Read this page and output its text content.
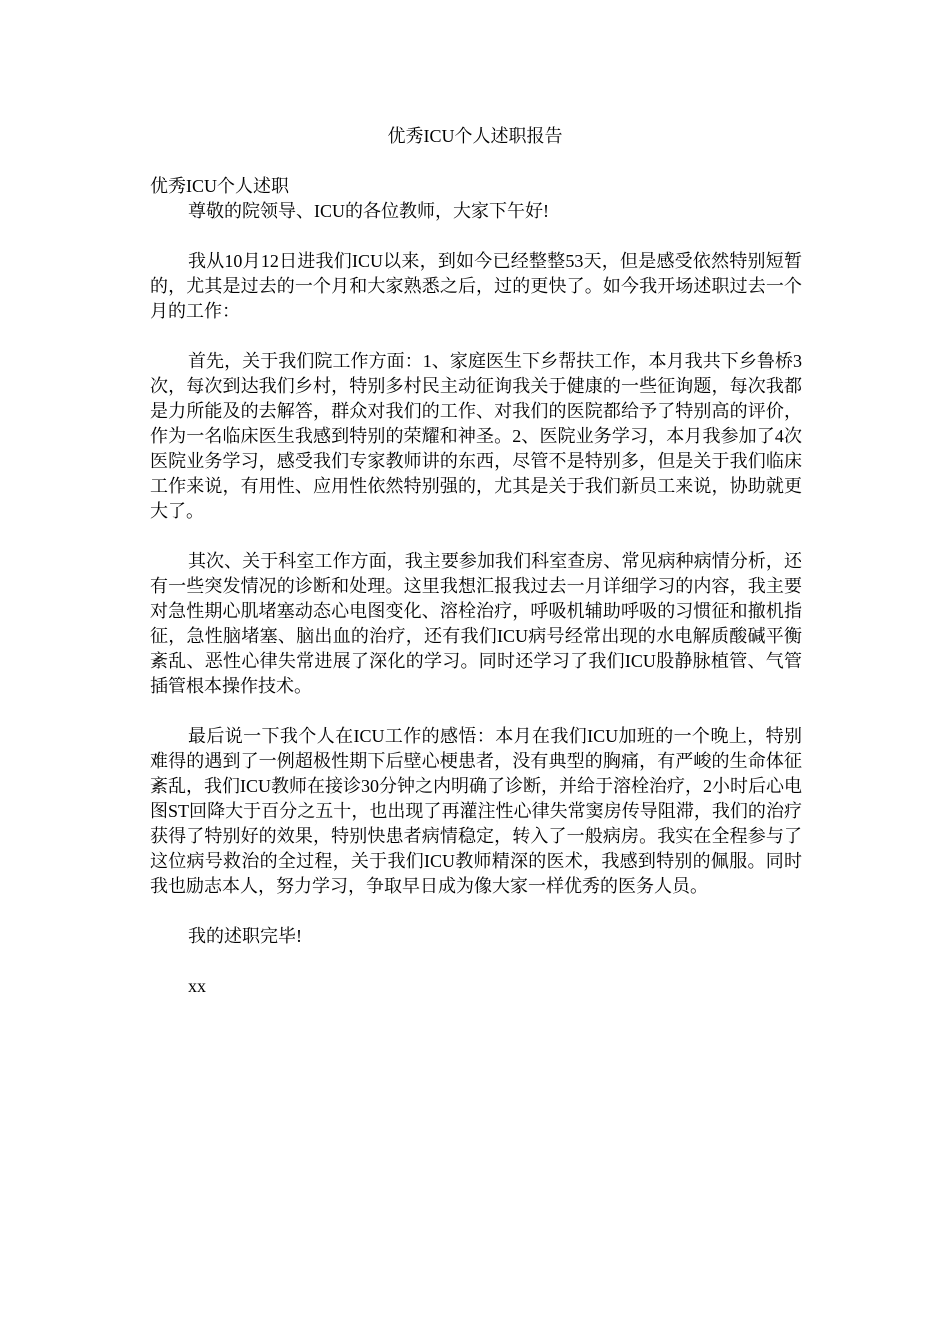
优秀ICU个人述职报告

优秀ICU个人述职

尊敬的院领导、ICU的各位教师，大家下午好!

我从10月12日进我们ICU以来，到如今已经整整53天，但是感受依然特别短暂的，尤其是过去的一个月和大家熟悉之后，过的更快了。如今我开场述职过去一个月的工作：

首先，关于我们院工作方面：1、家庭医生下乡帮扶工作，本月我共下乡鲁桥3次，每次到达我们乡村，特别多村民主动征询我关于健康的一些征询题，每次我都是力所能及的去解答，群众对我们的工作、对我们的医院都给予了特别高的评价，作为一名临床医生我感到特别的荣耀和神圣。2、医院业务学习，本月我参加了4次医院业务学习，感受我们专家教师讲的东西，尽管不是特别多，但是关于我们临床工作来说，有用性、应用性依然特别强的，尤其是关于我们新员工来说，协助就更大了。

其次、关于科室工作方面，我主要参加我们科室查房、常见病种病情分析，还有一些突发情况的诊断和处理。这里我想汇报我过去一月详细学习的内容，我主要对急性期心肌堵塞动态心电图变化、溶栓治疗，呼吸机辅助呼吸的习惯征和撤机指征，急性脑堵塞、脑出血的治疗，还有我们ICU病号经常出现的水电解质酸碱平衡紊乱、恶性心律失常进展了深化的学习。同时还学习了我们ICU股静脉植管、气管插管根本操作技术。

最后说一下我个人在ICU工作的感悟：本月在我们ICU加班的一个晚上，特别难得的遇到了一例超极性期下后壁心梗患者，没有典型的胸痛，有严峻的生命体征紊乱，我们ICU教师在接诊30分钟之内明确了诊断，并给于溶栓治疗，2小时后心电图ST回降大于百分之五十，也出现了再灌注性心律失常窦房传导阻滞，我们的治疗获得了特别好的效果，特别快患者病情稳定，转入了一般病房。我实在全程参与了这位病号救治的全过程，关于我们ICU教师精深的医术，我感到特别的佩服。同时我也励志本人，努力学习，争取早日成为像大家一样优秀的医务人员。

我的述职完毕!

xx
